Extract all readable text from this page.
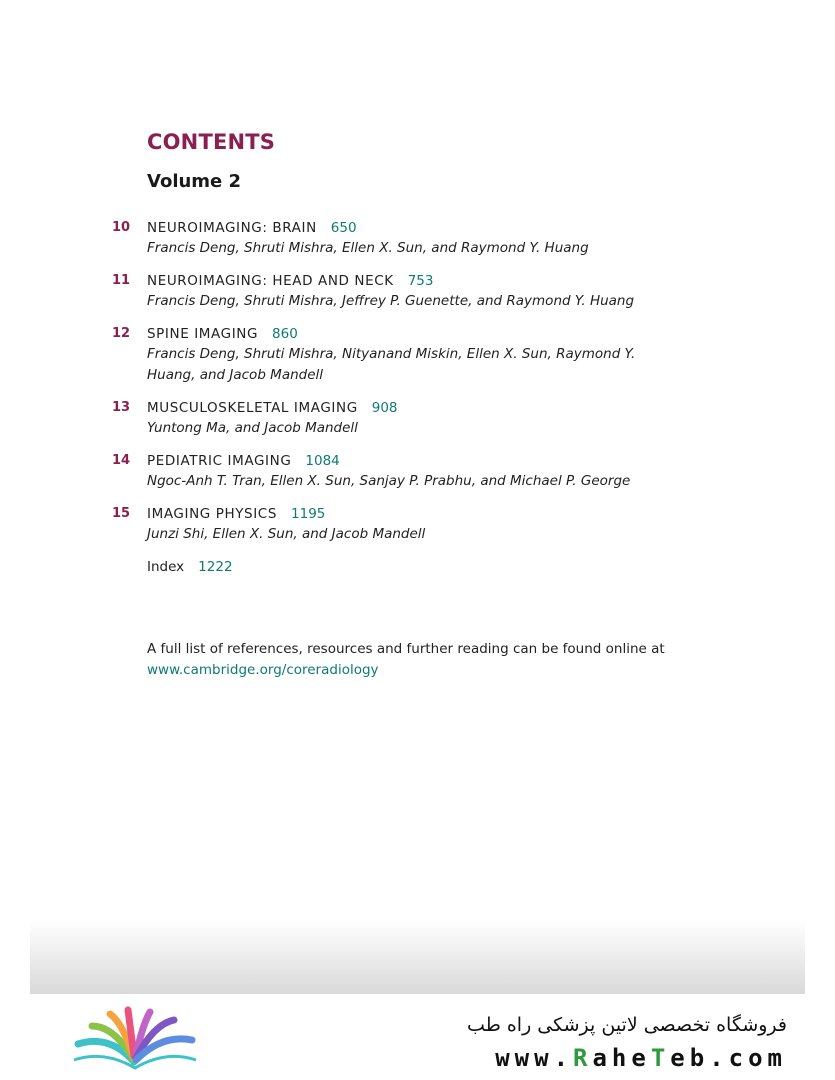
CONTENTS
Volume 2
10 NEUROIMAGING: BRAIN 650
Francis Deng, Shruti Mishra, Ellen X. Sun, and Raymond Y. Huang
11 NEUROIMAGING: HEAD AND NECK 753
Francis Deng, Shruti Mishra, Jeffrey P. Guenette, and Raymond Y. Huang
12 SPINE IMAGING 860
Francis Deng, Shruti Mishra, Nityanand Miskin, Ellen X. Sun, Raymond Y. Huang, and Jacob Mandell
13 MUSCULOSKELETAL IMAGING 908
Yuntong Ma, and Jacob Mandell
14 PEDIATRIC IMAGING 1084
Ngoc-Anh T. Tran, Ellen X. Sun, Sanjay P. Prabhu, and Michael P. George
15 IMAGING PHYSICS 1195
Junzi Shi, Ellen X. Sun, and Jacob Mandell
Index 1222
A full list of references, resources and further reading can be found online at
www.cambridge.org/coreradiology
فروشگاه تخصصی لاتین پزشکی راه طب
www.RaheTeb.com
